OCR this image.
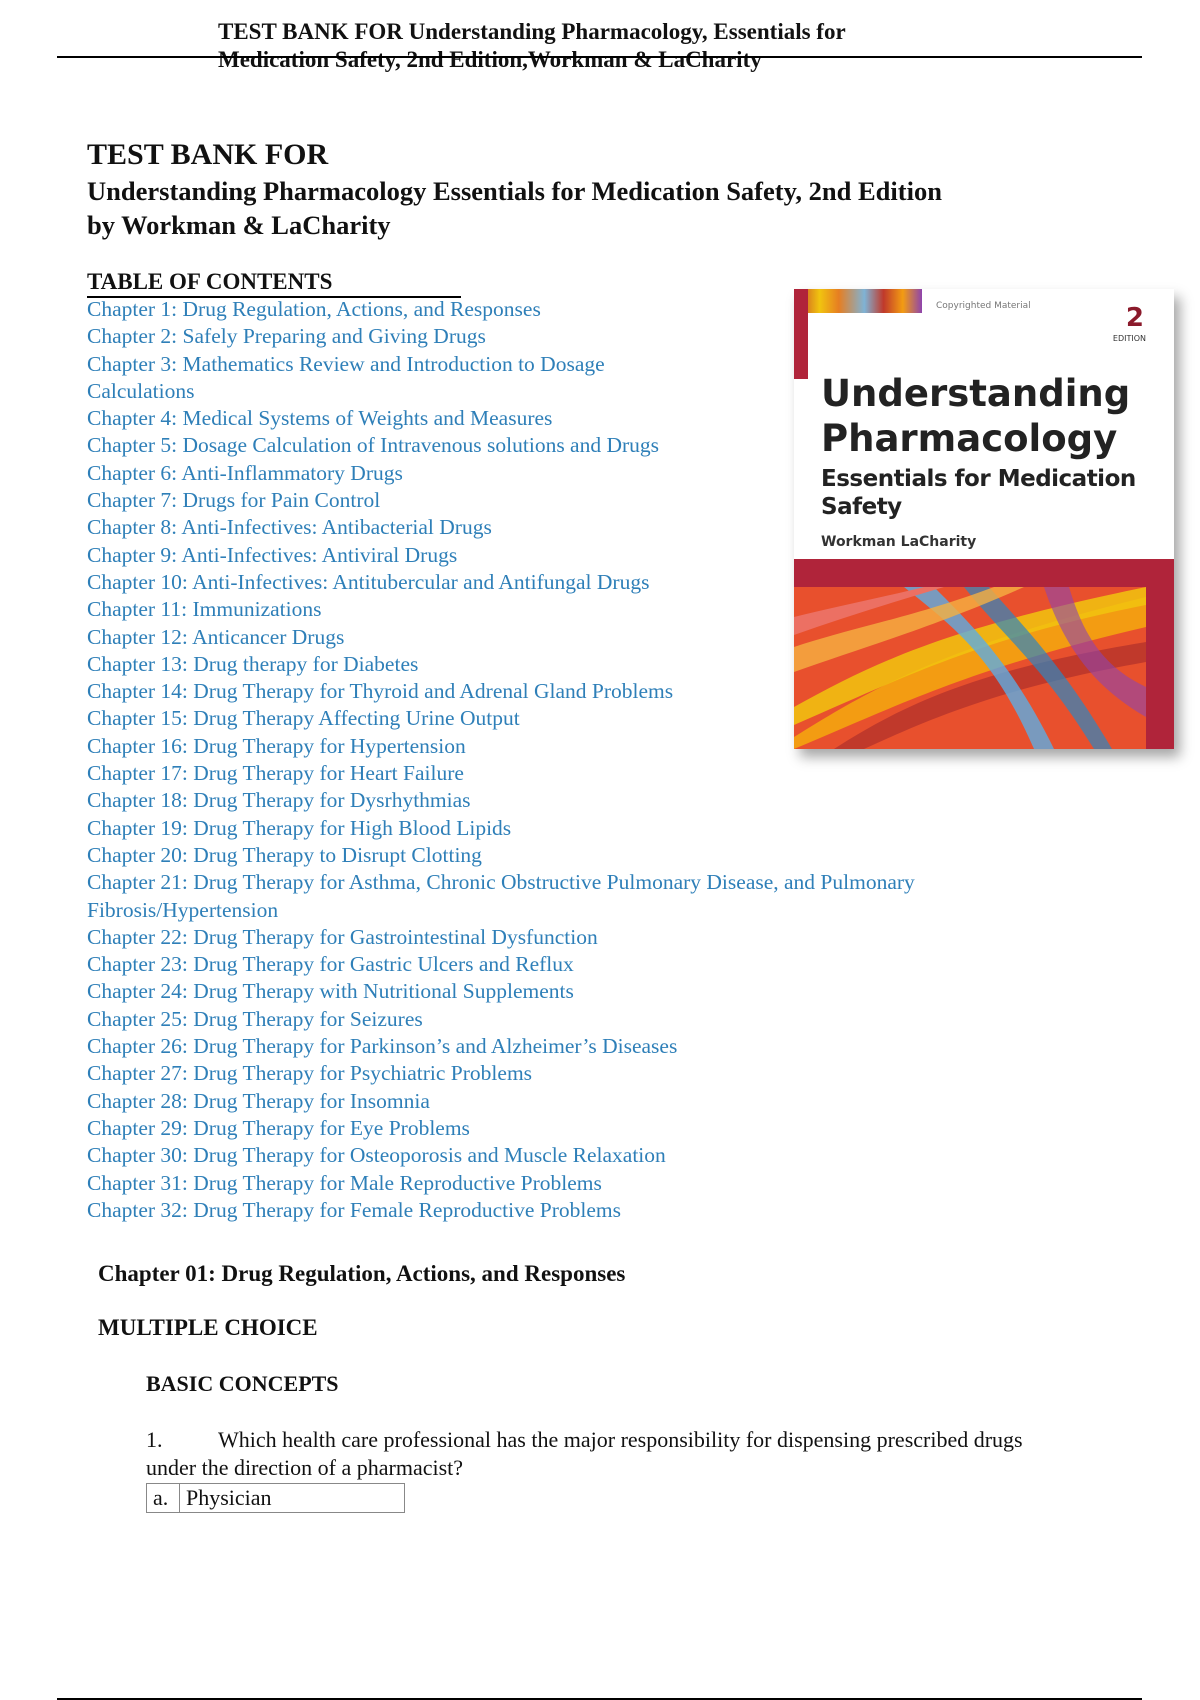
TEST BANK FOR Understanding Pharmacology, Essentials for Medication Safety, 2nd Edition,Workman & LaCharity
TEST BANK FOR
Understanding Pharmacology Essentials for Medication Safety, 2nd Edition
by Workman & LaCharity
TABLE OF CONTENTS
Chapter 1: Drug Regulation, Actions, and Responses
Chapter 2: Safely Preparing and Giving Drugs
Chapter 3: Mathematics Review and Introduction to Dosage Calculations
Chapter 4: Medical Systems of Weights and Measures
Chapter 5: Dosage Calculation of Intravenous solutions and Drugs
Chapter 6: Anti-Inflammatory Drugs
Chapter 7: Drugs for Pain Control
Chapter 8: Anti-Infectives: Antibacterial Drugs
Chapter 9: Anti-Infectives: Antiviral Drugs
Chapter 10: Anti-Infectives: Antitubercular and Antifungal Drugs
Chapter 11: Immunizations
Chapter 12: Anticancer Drugs
Chapter 13: Drug therapy for Diabetes
Chapter 14: Drug Therapy for Thyroid and Adrenal Gland Problems
Chapter 15: Drug Therapy Affecting Urine Output
Chapter 16: Drug Therapy for Hypertension
Chapter 17: Drug Therapy for Heart Failure
Chapter 18: Drug Therapy for Dysrhythmias
Chapter 19: Drug Therapy for High Blood Lipids
Chapter 20: Drug Therapy to Disrupt Clotting
Chapter 21: Drug Therapy for Asthma, Chronic Obstructive Pulmonary Disease, and Pulmonary Fibrosis/Hypertension
Chapter 22: Drug Therapy for Gastrointestinal Dysfunction
Chapter 23: Drug Therapy for Gastric Ulcers and Reflux
Chapter 24: Drug Therapy with Nutritional Supplements
Chapter 25: Drug Therapy for Seizures
Chapter 26: Drug Therapy for Parkinson’s and Alzheimer’s Diseases
Chapter 27: Drug Therapy for Psychiatric Problems
Chapter 28: Drug Therapy for Insomnia
Chapter 29: Drug Therapy for Eye Problems
Chapter 30: Drug Therapy for Osteoporosis and Muscle Relaxation
Chapter 31: Drug Therapy for Male Reproductive Problems
Chapter 32: Drug Therapy for Female Reproductive Problems
Copyrighted Material	2
EDITION
Understanding
Pharmacology
Essentials for Medication Safety
Workman LaCharity
Chapter 01: Drug Regulation, Actions, and Responses
MULTIPLE CHOICE
BASIC CONCEPTS
1.	Which health care professional has the major responsibility for dispensing prescribed drugs under the direction of a pharmacist?
a.	Physician
